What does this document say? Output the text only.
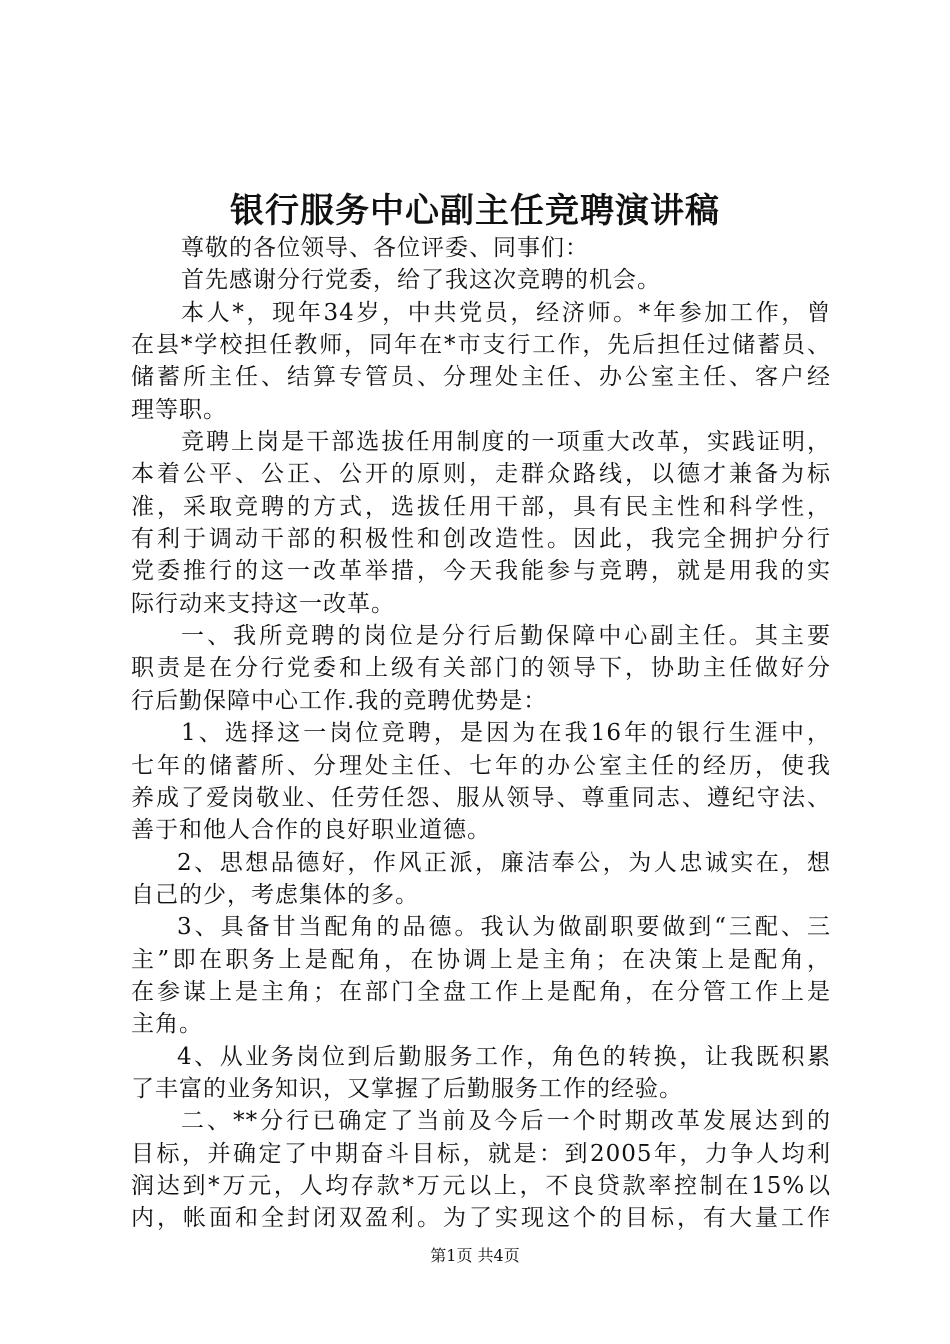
银行服务中心副主任竞聘演讲稿
尊敬的各位领导、各位评委、同事们：
首先感谢分行党委，给了我这次竞聘的机会。
本人*，现年34岁，中共党员，经济师。*年参加工作，曾
在县*学校担任教师，同年在*市支行工作，先后担任过储蓄员、
储蓄所主任、结算专管员、分理处主任、办公室主任、客户经
理等职。
竞聘上岗是干部选拔任用制度的一项重大改革，实践证明，
本着公平、公正、公开的原则，走群众路线，以德才兼备为标
准，采取竞聘的方式，选拔任用干部，具有民主性和科学性，
有利于调动干部的积极性和创改造性。因此，我完全拥护分行
党委推行的这一改革举措，今天我能参与竞聘，就是用我的实
际行动来支持这一改革。
一、我所竞聘的岗位是分行后勤保障中心副主任。其主要
职责是在分行党委和上级有关部门的领导下，协助主任做好分
行后勤保障中心工作.我的竞聘优势是：
1、选择这一岗位竞聘，是因为在我16年的银行生涯中，
七年的储蓄所、分理处主任、七年的办公室主任的经历，使我
养成了爱岗敬业、任劳任怨、服从领导、尊重同志、遵纪守法、
善于和他人合作的良好职业道德。
2、思想品德好，作风正派，廉洁奉公，为人忠诚实在，想
自己的少，考虑集体的多。
3、具备甘当配角的品德。我认为做副职要做到“三配、三
主”即在职务上是配角，在协调上是主角；在决策上是配角，
在参谋上是主角；在部门全盘工作上是配角，在分管工作上是
主角。
4、从业务岗位到后勤服务工作，角色的转换，让我既积累
了丰富的业务知识，又掌握了后勤服务工作的经验。
二、**分行已确定了当前及今后一个时期改革发展达到的
目标，并确定了中期奋斗目标，就是：到2005年，力争人均利
润达到*万元，人均存款*万元以上，不良贷款率控制在15%以
内，帐面和全封闭双盈利。为了实现这个的目标，有大量工作

第1页 共4页
